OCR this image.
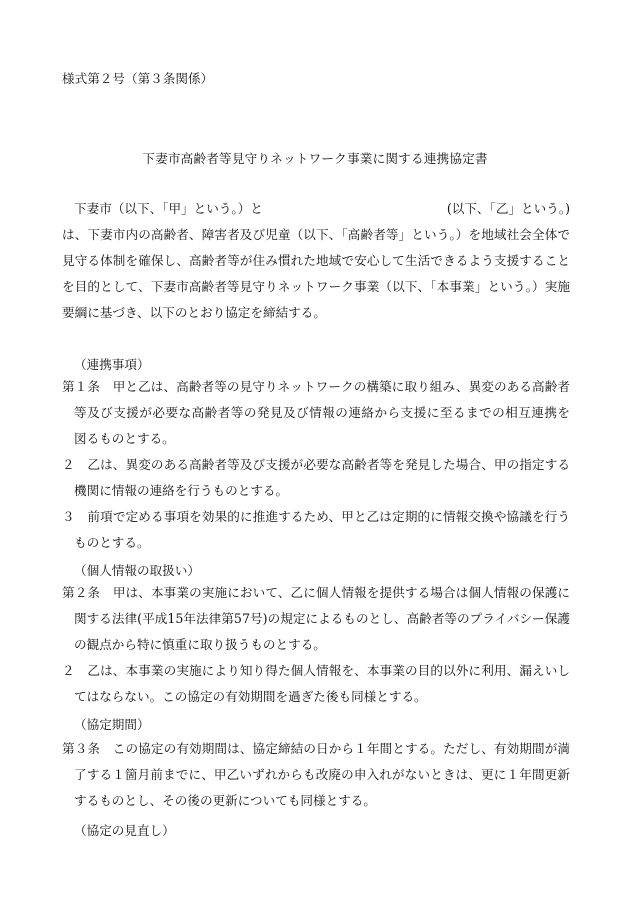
様式第２号（第３条関係）
下妻市高齢者等見守りネットワーク事業に関する連携協定書
下妻市（以下、「甲」という。）と	(以下、「乙」という。)
は、下妻市内の高齢者、障害者及び児童（以下、「高齢者等」という。）を地域社会全体で
見守る体制を確保し、高齢者等が住み慣れた地域で安心して生活できるよう支援すること
を目的として、下妻市高齢者等見守りネットワーク事業（以下、「本事業」という。）実施
要綱に基づき、以下のとおり協定を締結する。
（連携事項）
第１条　甲と乙は、高齢者等の見守りネットワークの構築に取り組み、異変のある高齢者
等及び支援が必要な高齢者等の発見及び情報の連絡から支援に至るまでの相互連携を
図るものとする。
２　乙は、異変のある高齢者等及び支援が必要な高齢者等を発見した場合、甲の指定する
機関に情報の連絡を行うものとする。
３　前項で定める事項を効果的に推進するため、甲と乙は定期的に情報交換や協議を行う
ものとする。
（個人情報の取扱い）
第２条　甲は、本事業の実施において、乙に個人情報を提供する場合は個人情報の保護に
関する法律(平成15年法律第57号)の規定によるものとし、高齢者等のプライバシー保護
の観点から特に慎重に取り扱うものとする。
２　乙は、本事業の実施により知り得た個人情報を、本事業の目的以外に利用、漏えいし
てはならない。この協定の有効期間を過ぎた後も同様とする。
（協定期間）
第３条　この協定の有効期間は、協定締結の日から１年間とする。ただし、有効期間が満
了する１箇月前までに、甲乙いずれからも改廃の申入れがないときは、更に１年間更新
するものとし、その後の更新についても同様とする。
（協定の見直し）
